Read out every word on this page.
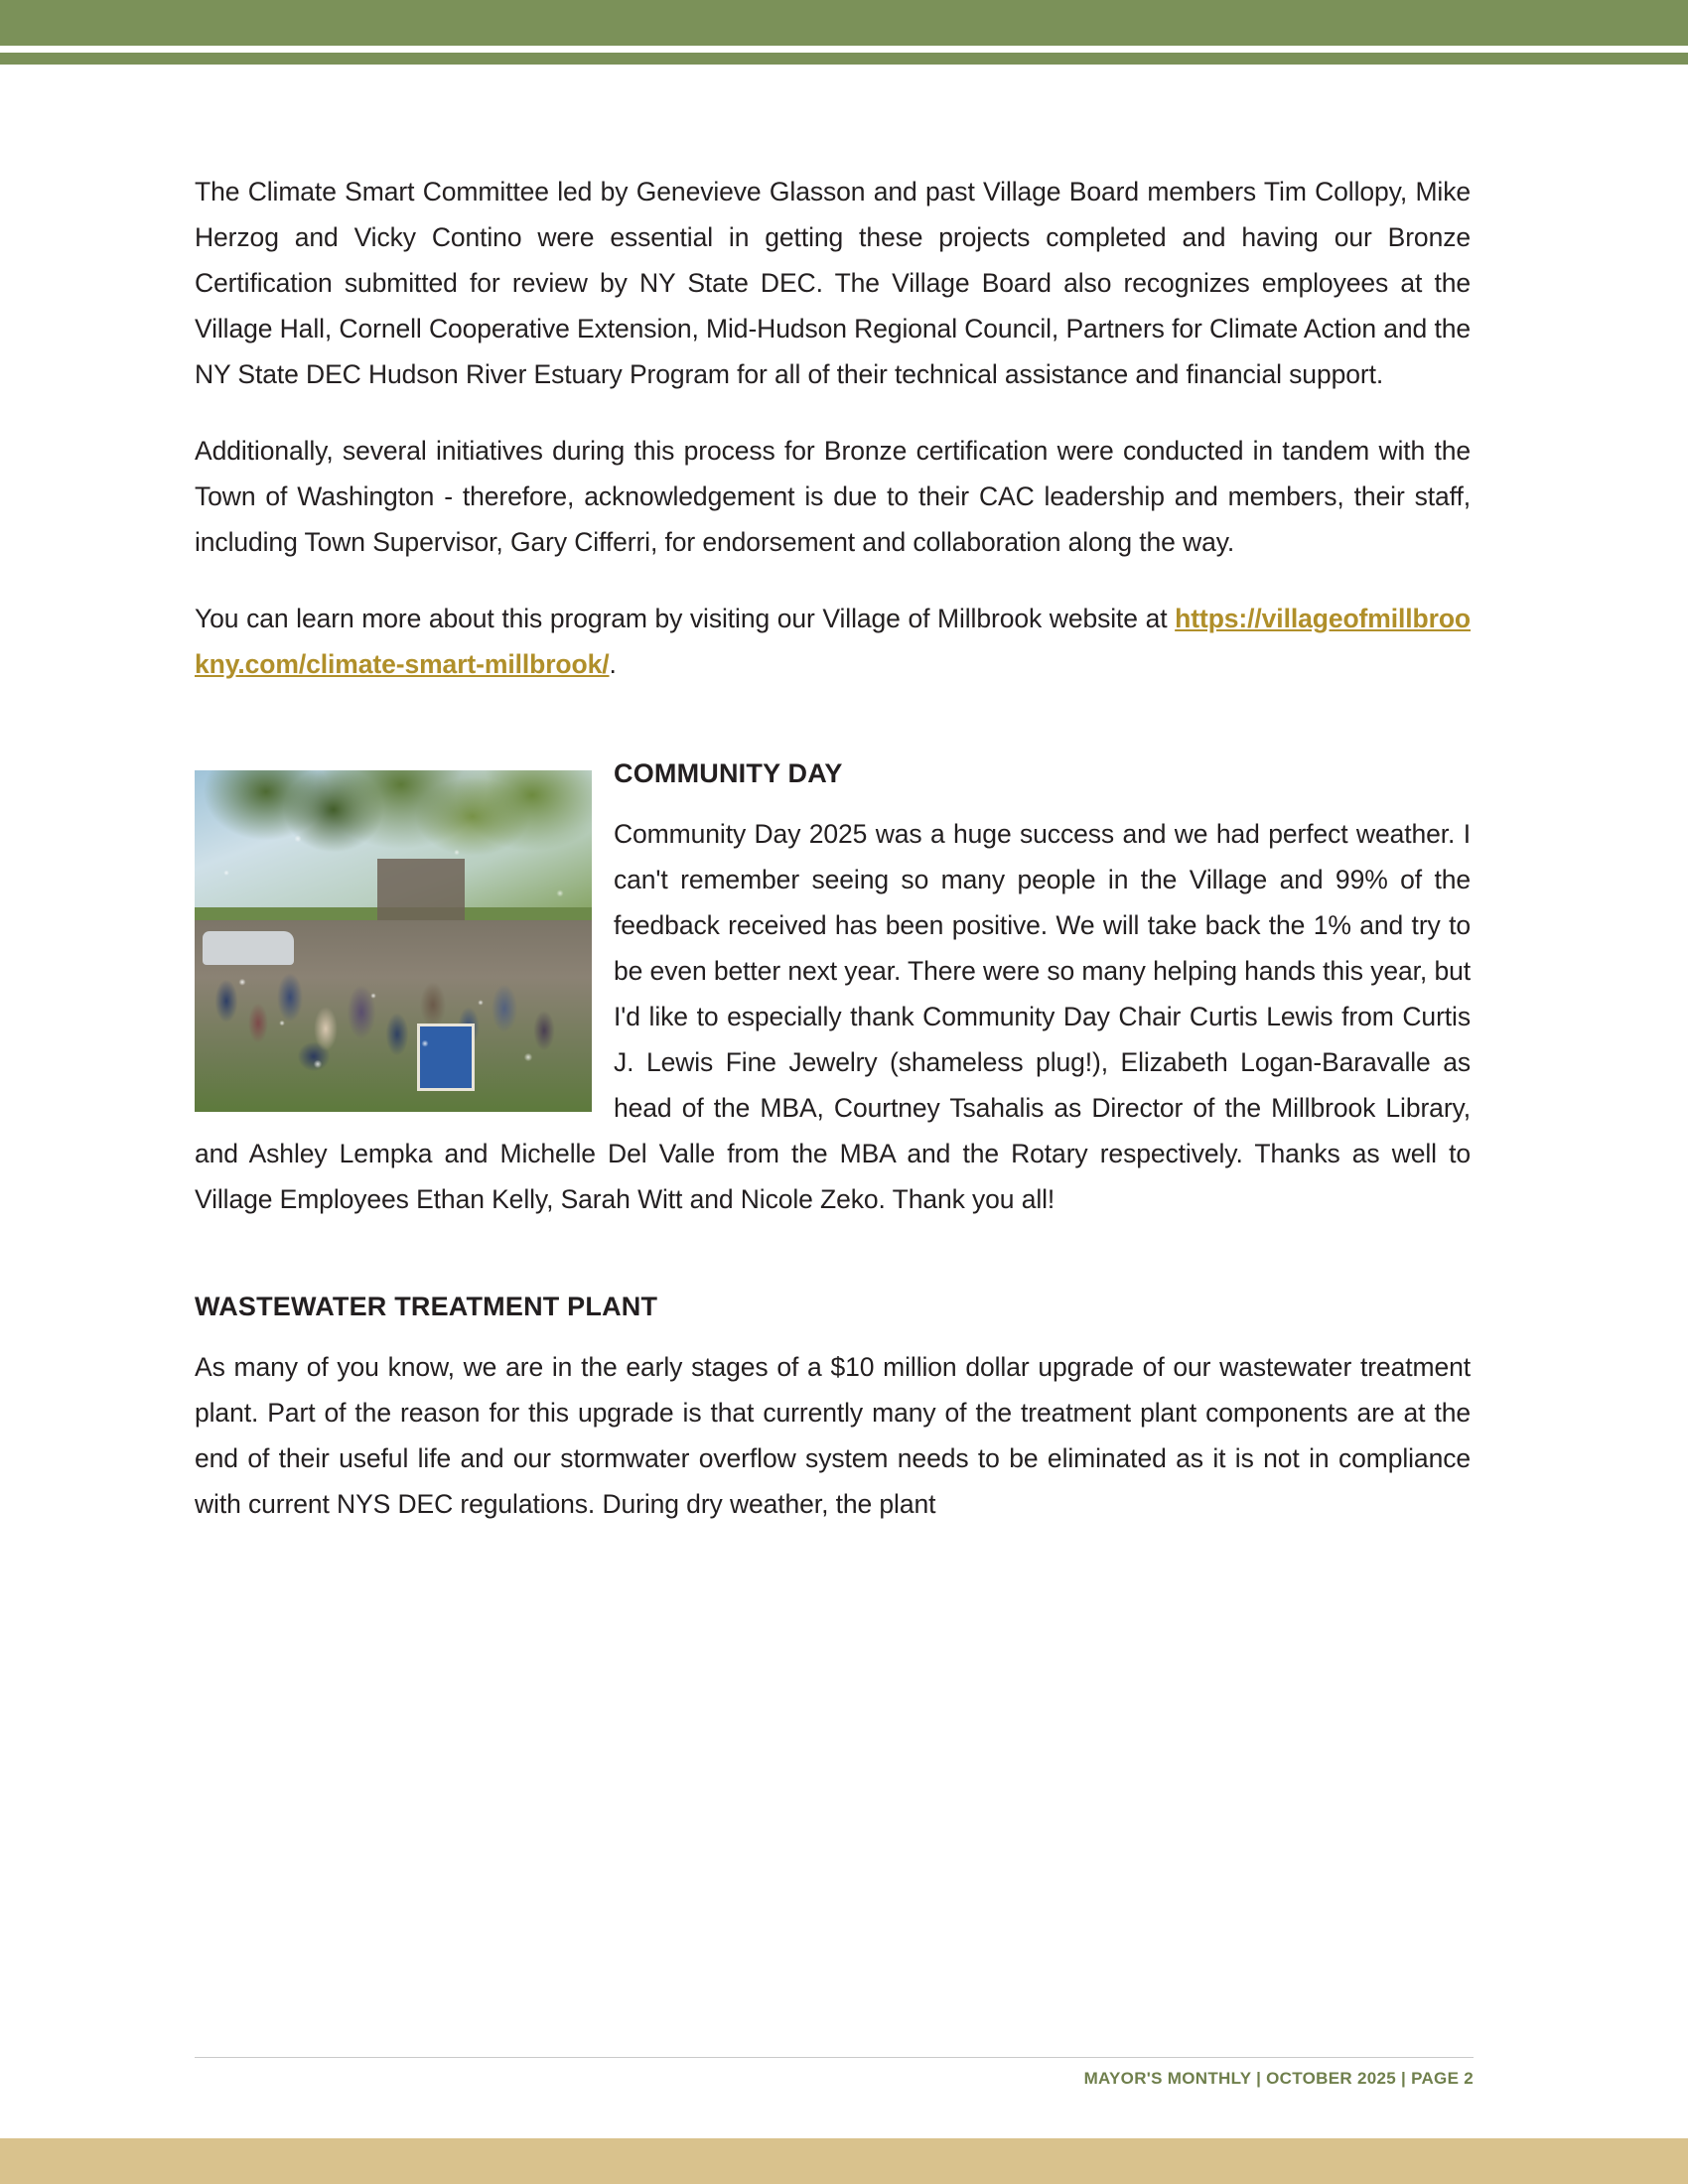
The Climate Smart Committee led by Genevieve Glasson and past Village Board members Tim Collopy, Mike Herzog and Vicky Contino were essential in getting these projects completed and having our Bronze Certification submitted for review by NY State DEC. The Village Board also recognizes employees at the Village Hall, Cornell Cooperative Extension, Mid-Hudson Regional Council, Partners for Climate Action and the NY State DEC Hudson River Estuary Program for all of their technical assistance and financial support.

Additionally, several initiatives during this process for Bronze certification were conducted in tandem with the Town of Washington - therefore, acknowledgement is due to their CAC leadership and members, their staff, including Town Supervisor, Gary Cifferri, for endorsement and collaboration along the way.

You can learn more about this program by visiting our Village of Millbrook website at https://villageofmillbrookny.com/climate-smart-millbrook/.

COMMUNITY DAY

Community Day 2025 was a huge success and we had perfect weather. I can't remember seeing so many people in the Village and 99% of the feedback received has been positive. We will take back the 1% and try to be even better next year. There were so many helping hands this year, but I'd like to especially thank Community Day Chair Curtis Lewis from Curtis J. Lewis Fine Jewelry (shameless plug!), Elizabeth Logan-Baravalle as head of the MBA, Courtney Tsahalis as Director of the Millbrook Library, and Ashley Lempka and Michelle Del Valle from the MBA and the Rotary respectively. Thanks as well to Village Employees Ethan Kelly, Sarah Witt and Nicole Zeko. Thank you all!

WASTEWATER TREATMENT PLANT

As many of you know, we are in the early stages of a $10 million dollar upgrade of our wastewater treatment plant. Part of the reason for this upgrade is that currently many of the treatment plant components are at the end of their useful life and our stormwater overflow system needs to be eliminated as it is not in compliance with current NYS DEC regulations. During dry weather, the plant

MAYOR'S MONTHLY | OCTOBER 2025 | PAGE 2
